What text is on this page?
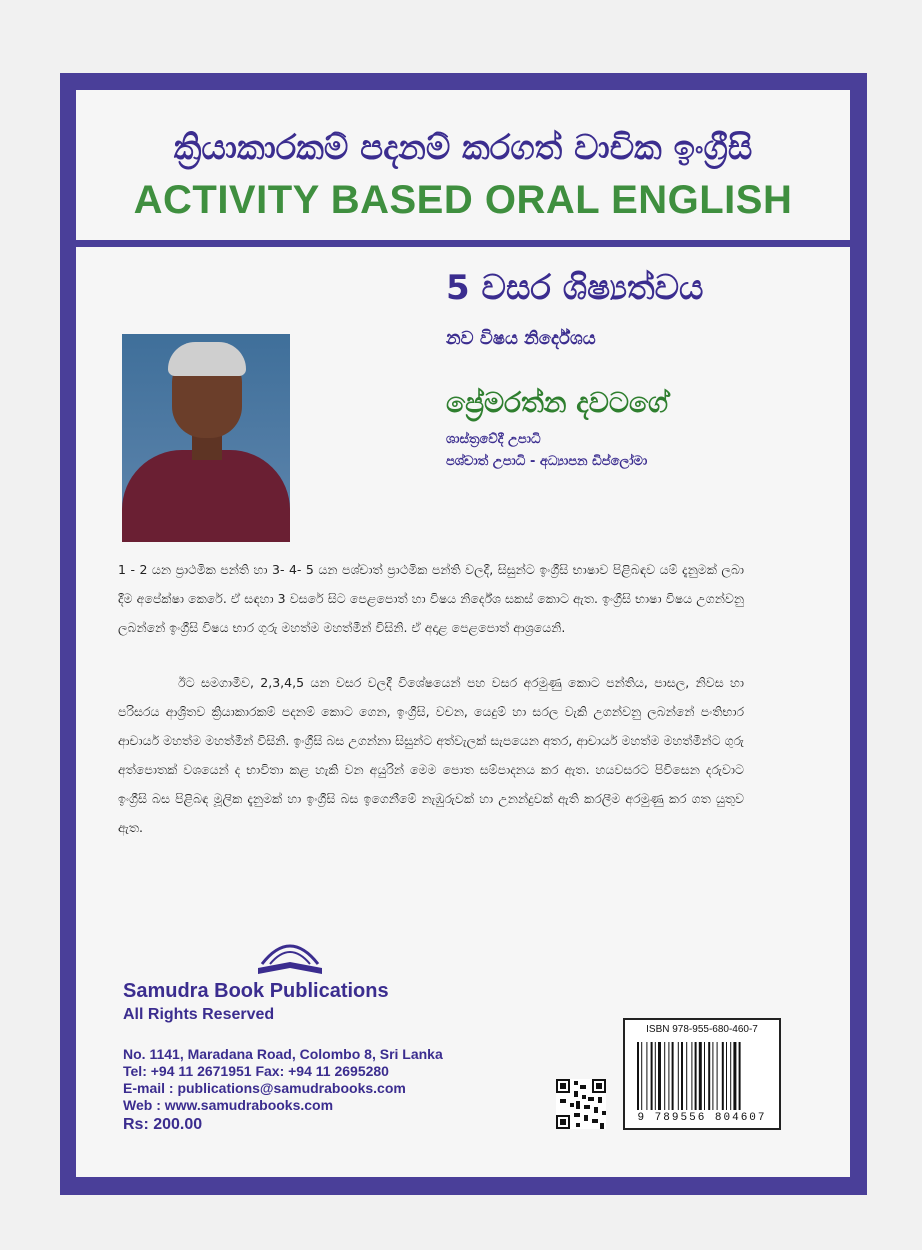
ක්‍රියාකාරකම් පදනම් කරගත් වාචික ඉංග්‍රීසි
ACTIVITY BASED ORAL ENGLISH
5 වසර ශිෂ්‍යත්වය
නව විෂය නිර්දේශය
ප්‍රේමරත්න දවටගේ
ශාස්ත්‍රවේදී උපාධි
පශ්චාත් උපාධි - අධ්‍යාපන ඩිප්ලෝමා
1 - 2 යන ප්‍රාථමික පන්ති හා 3- 4- 5 යන පශ්චාත් ප්‍රාථමික පන්ති වලදී, සිසුන්ට ඉංග්‍රීසි භාෂාව පිළිබඳව යම් දැනුමක් ලබා දීම අපේක්ෂා කෙරේ. ඒ සඳහා 3 වසරේ සිට පෙළපොත් හා විෂය නිර්දේශ සකස් කොට ඇත. ඉංග්‍රීසි භාෂා විෂය උගන්වනු ලබන්නේ ඉංග්‍රීසි විෂය භාර ගුරු මහත්ම මහත්මීන් විසිනි. ඒ අදාළ පෙළපොත් ආශ්‍රයෙනි.
ඊට සමගාමීව, 2,3,4,5 යන වසර වලදී විශේෂයෙන් පහ වසර අරමුණු කොට පන්තිය, පාසල, නිවස හා පරිසරය ආශ්‍රිතව ක්‍රියාකාරකම් පදනම් කොට ගෙන, ඉංග්‍රීසි, වචන, යෙදුම් හා සරල වැකි උගන්වනු ලබන්නේ පංතිභාර ආචාර්ය මහත්ම මහත්මීන් විසිනි. ඉංග්‍රීසි බස උගන්නා සිසුන්ට අත්වැලක් සැපයෙන අතර, ආචාර්ය මහත්ම මහත්මීන්ට ගුරු අත්පොතක් වශයෙන් ද භාවිතා කළ හැකි වන අයුරින් මෙම පොත සම්පාදනය කර ඇත. හයවසරට පිවිසෙන දරුවාට ඉංග්‍රීසි බස පිළිබඳ මූලික දැනුමක් හා ඉංග්‍රීසි බස ඉගෙනීමේ නැඹුරුවක් හා උනන්දුවක් ඇති කරලීම අරමුණු කර ගත යුතුව ඇත.
Samudra Book Publications
All Rights Reserved
No. 1141, Maradana Road, Colombo 8, Sri Lanka
Tel: +94 11 2671951 Fax: +94 11 2695280
E-mail : publications@samudrabooks.com
Web : www.samudrabooks.com
Rs: 200.00
ISBN 978-955-680-460-7
9 789556 804607
